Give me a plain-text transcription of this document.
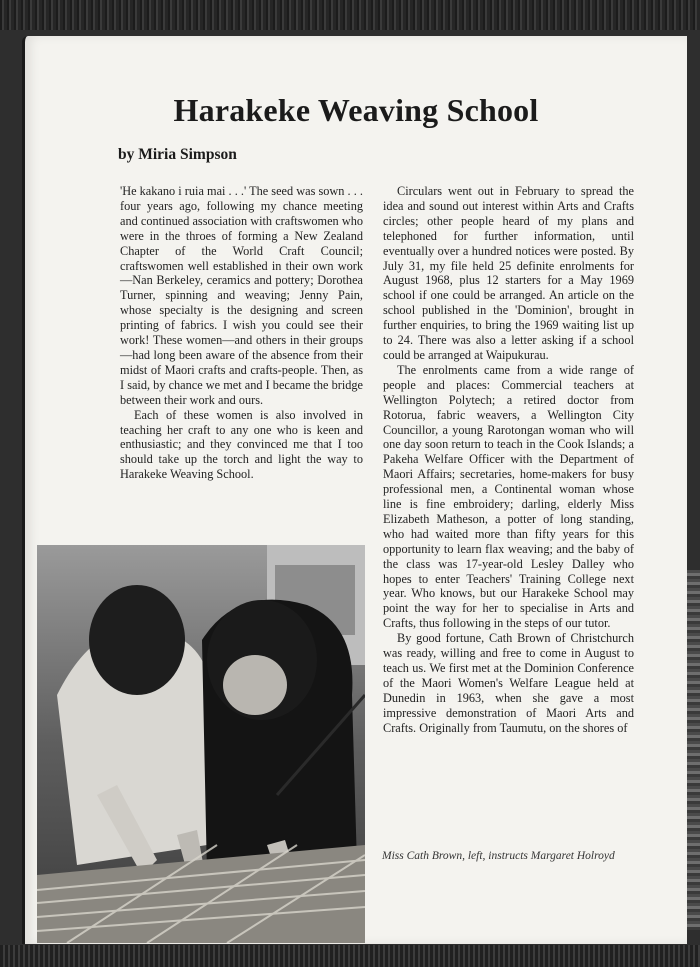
Harakeke Weaving School
by Miria Simpson

'He kakano i ruia mai . . .' The seed was sown . . . four years ago, following my chance meeting and continued association with craftswomen who were in the throes of forming a New Zealand Chapter of the World Craft Council; craftswomen well established in their own work—Nan Berkeley, ceramics and pottery; Dorothea Turner, spinning and weaving; Jenny Pain, whose specialty is the designing and screen printing of fabrics. I wish you could see their work! These women—and others in their groups—had long been aware of the absence from their midst of Maori crafts and crafts-people. Then, as I said, by chance we met and I became the bridge between their work and ours.

Each of these women is also involved in teaching her craft to any one who is keen and enthusiastic; and they convinced me that I too should take up the torch and light the way to Harakeke Weaving School.

Circulars went out in February to spread the idea and sound out interest within Arts and Crafts circles; other people heard of my plans and telephoned for further information, until eventually over a hundred notices were posted. By July 31, my file held 25 definite enrolments for August 1968, plus 12 starters for a May 1969 school if one could be arranged. An article on the school published in the 'Dominion', brought in further enquiries, to bring the 1969 waiting list up to 24. There was also a letter asking if a school could be arranged at Waipukurau.

The enrolments came from a wide range of people and places: Commercial teachers at Wellington Polytech; a retired doctor from Rotorua, fabric weavers, a Wellington City Councillor, a young Rarotongan woman who will one day soon return to teach in the Cook Islands; a Pakeha Welfare Officer with the Department of Maori Affairs; secretaries, home-makers for busy professional men, a Continental woman whose line is fine embroidery; darling, elderly Miss Elizabeth Matheson, a potter of long standing, who had waited more than fifty years for this opportunity to learn flax weaving; and the baby of the class was 17-year-old Lesley Dalley who hopes to enter Teachers' Training College next year. Who knows, but our Harakeke School may point the way for her to specialise in Arts and Crafts, thus following in the steps of our tutor.

By good fortune, Cath Brown of Christchurch was ready, willing and free to come in August to teach us. We first met at the Dominion Conference of the Maori Women's Welfare League held at Dunedin in 1963, when she gave a most impressive demonstration of Maori Arts and Crafts. Originally from Taumutu, on the shores of

Miss Cath Brown, left, instructs Margaret Holroyd
